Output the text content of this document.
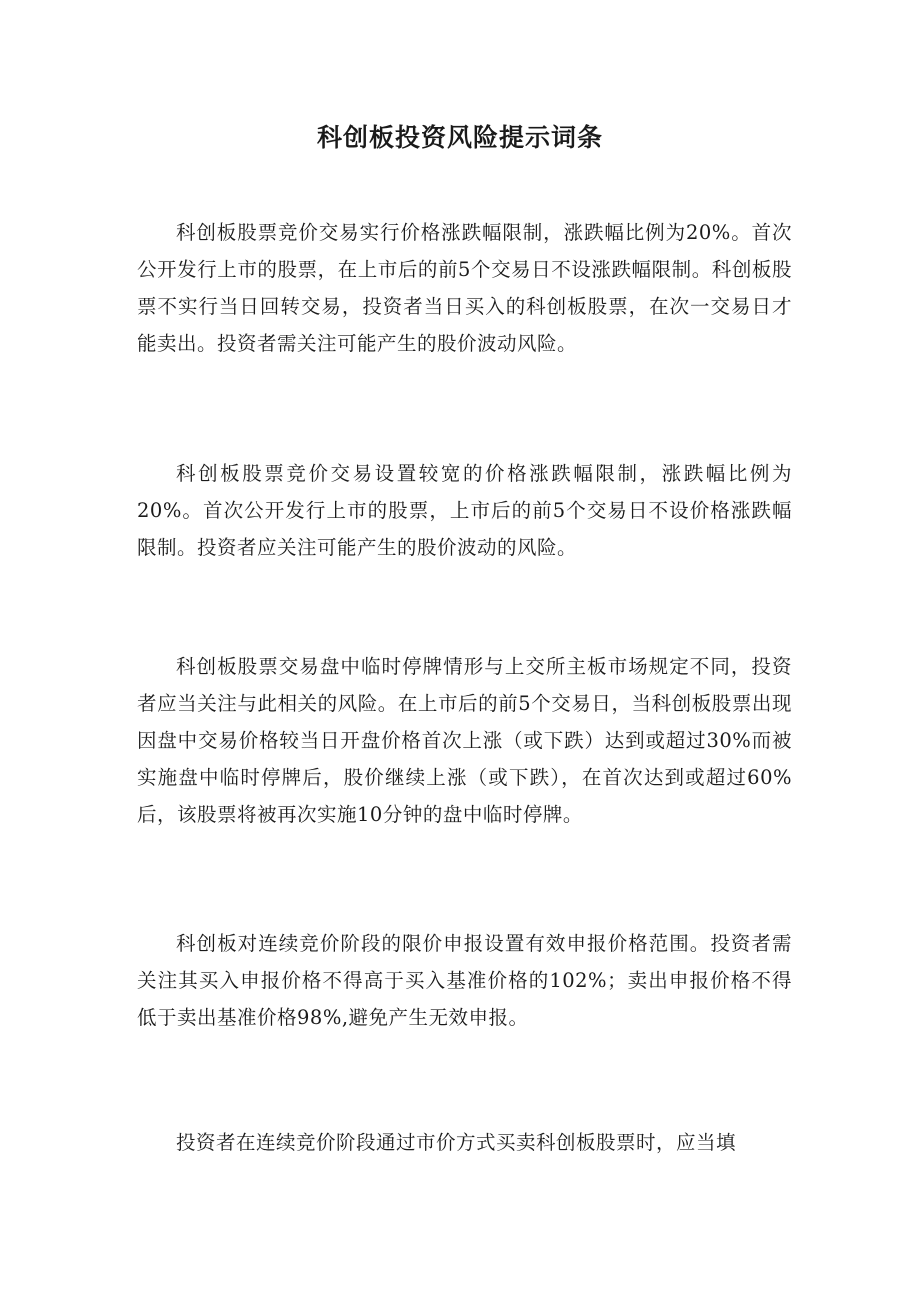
科创板投资风险提示词条

科创板股票竞价交易实行价格涨跌幅限制，涨跌幅比例为20%。首次公开发行上市的股票，在上市后的前5个交易日不设涨跌幅限制。科创板股票不实行当日回转交易，投资者当日买入的科创板股票，在次一交易日才能卖出。投资者需关注可能产生的股价波动风险。

科创板股票竞价交易设置较宽的价格涨跌幅限制，涨跌幅比例为20%。首次公开发行上市的股票，上市后的前5个交易日不设价格涨跌幅限制。投资者应关注可能产生的股价波动的风险。

科创板股票交易盘中临时停牌情形与上交所主板市场规定不同，投资者应当关注与此相关的风险。在上市后的前5个交易日，当科创板股票出现因盘中交易价格较当日开盘价格首次上涨（或下跌）达到或超过30%而被实施盘中临时停牌后，股价继续上涨（或下跌），在首次达到或超过60%后，该股票将被再次实施10分钟的盘中临时停牌。

科创板对连续竞价阶段的限价申报设置有效申报价格范围。投资者需关注其买入申报价格不得高于买入基准价格的102%；卖出申报价格不得低于卖出基准价格98%,避免产生无效申报。

投资者在连续竞价阶段通过市价方式买卖科创板股票时，应当填
